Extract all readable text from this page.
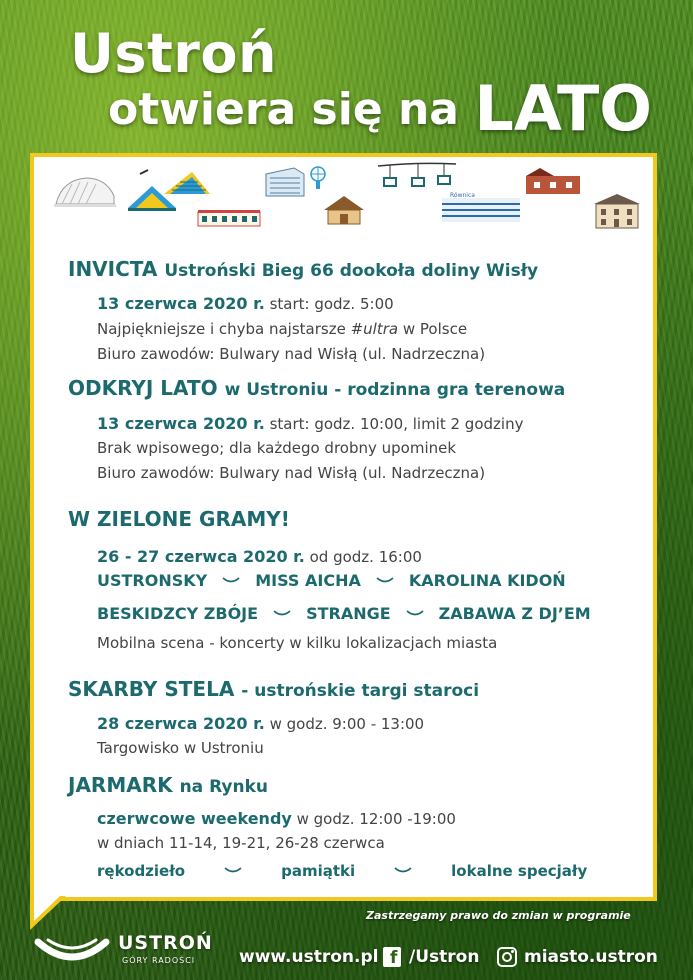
Ustroń
otwiera się na LATO
Równica
INVICTA Ustroński Bieg 66 dookoła doliny Wisły
13 czerwca 2020 r. start: godz. 5:00
Najpiękniejsze i chyba najstarsze #ultra w Polsce
Biuro zawodów: Bulwary nad Wisłą (ul. Nadrzeczna)
ODKRYJ LATO w Ustroniu - rodzinna gra terenowa
13 czerwca 2020 r. start: godz. 10:00, limit 2 godziny
Brak wpisowego; dla każdego drobny upominek
Biuro zawodów: Bulwary nad Wisłą (ul. Nadrzeczna)
W ZIELONE GRAMY!
26 - 27 czerwca 2020 r. od godz. 16:00
USTRONSKY	MISS AICHA	KAROLINA KIDOŃ
BESKIDZCY ZBÓJE	STRANGE	ZABAWA Z DJ’EM
Mobilna scena - koncerty w kilku lokalizacjach miasta
SKARBY STELA - ustrońskie targi staroci
28 czerwca 2020 r. w godz. 9:00 - 13:00
Targowisko w Ustroniu
JARMARK na Rynku
czerwcowe weekendy w godz. 12:00 -19:00
w dniach 11-14, 19-21, 26-28 czerwca
rękodzieło	pamiątki	lokalne specjały
Zastrzegamy prawo do zmian w programie
USTROŃ
GÓRY RADOŚCI	www.ustron.pl f /Ustron	miasto.ustron
